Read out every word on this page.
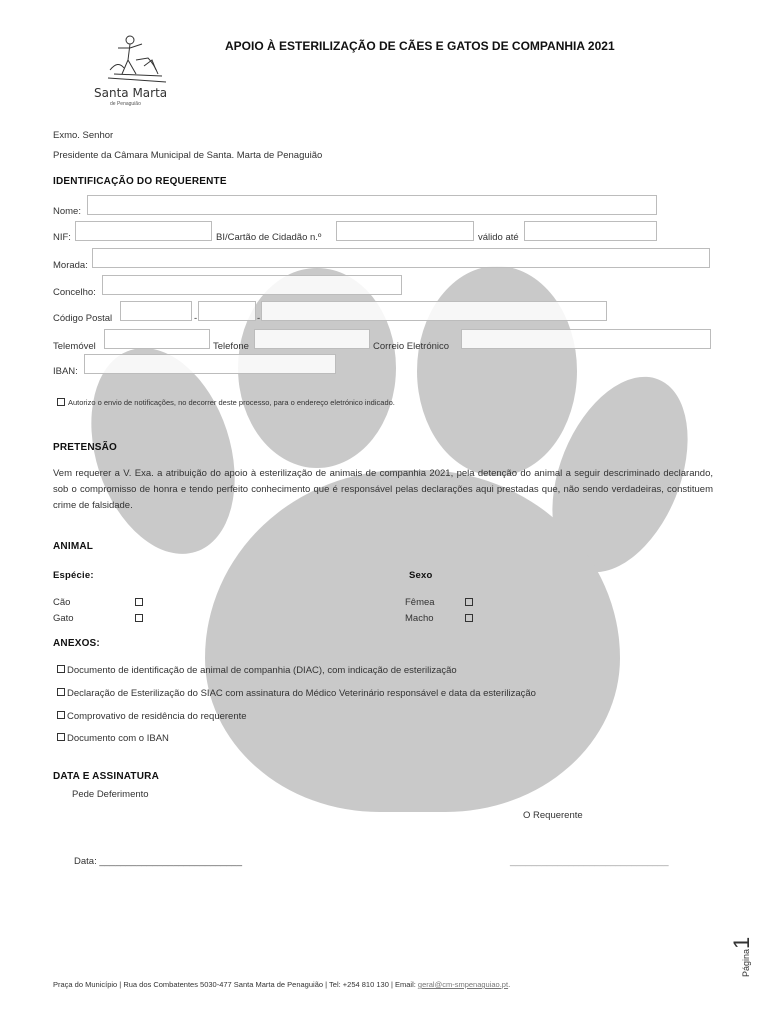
Santa Marta
de Penaguião
APOIO À ESTERILIZAÇÃO DE CÃES E GATOS DE COMPANHIA 2021
Exmo. Senhor
Presidente da Câmara Municipal de Santa. Marta de Penaguião
IDENTIFICAÇÃO DO REQUERENTE
Nome:
NIF:	BI/Cartão de Cidadão n.º	válido até
Morada:
Concelho:
Código Postal	-	-
Telemóvel	Telefone	Correio Eletrónico
IBAN:
Autorizo o envio de notificações, no decorrer deste processo, para o endereço eletrónico indicado.
PRETENSÃO
Vem requerer a V. Exa. a atribuição do apoio à esterilização de animais de companhia 2021, pela detenção do animal a seguir descriminado declarando, sob o compromisso de honra e tendo perfeito conhecimento que é responsável pelas declarações aqui prestadas que, não sendo verdadeiras, constituem crime de falsidade.
ANIMAL
Espécie:	Sexo
Cão
Gato
Fêmea
Macho
ANEXOS:
Documento de identificação de animal de companhia (DIAC), com indicação de esterilização
Declaração de Esterilização do SIAC com assinatura do Médico Veterinário responsável e data da esterilização
Comprovativo de residência do requerente
Documento com o IBAN
DATA E ASSINATURA
Pede Deferimento
O Requerente
Data: ___________________________	______________________________
Página1
Praça do Município | Rua dos Combatentes 5030-477 Santa Marta de Penaguião | Tel: +254 810 130 | Email: geral@cm-smpenaguiao.pt.
